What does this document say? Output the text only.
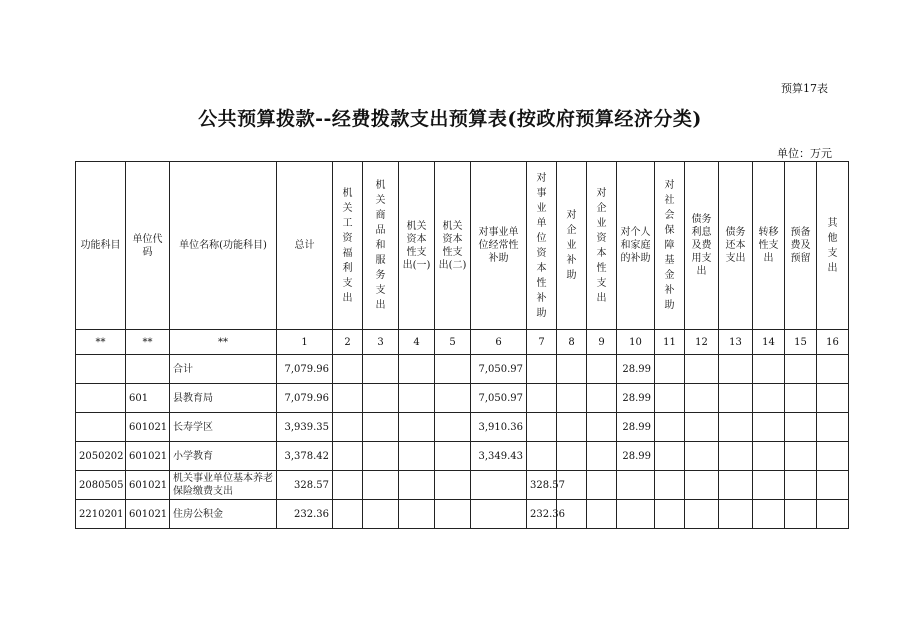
预算17表
公共预算拨款--经费拨款支出预算表(按政府预算经济分类)
单位：万元
功能科目	单位代码	单位名称(功能科目)	总计	机关工资福利支出	机关商品和服务支出	机关资本性支出(一)	机关资本性支出(二)	对事业单位经常性补助	对事业单位资本性补助	对企业补助	对企业资本性支出	对个人和家庭的补助	对社会保障基金补助	债务利息及费用支出	债务还本支出	转移性支出	预备费及预留	其他支出

**	**	**	1	2	3	4	5	6	7	8	9	10	11	12	13	14	15	16
		合计	7,079.96					7,050.97				28.99						
	601	县教育局	7,079.96					7,050.97				28.99						
	601021	长寿学区	3,939.35					3,910.36				28.99						
2050202	601021	小学教育	3,378.42					3,349.43				28.99						
2080505	601021	机关事业单位基本养老保险缴费支出	328.57						328.57									
2210201	601021	住房公积金	232.36						232.36									
